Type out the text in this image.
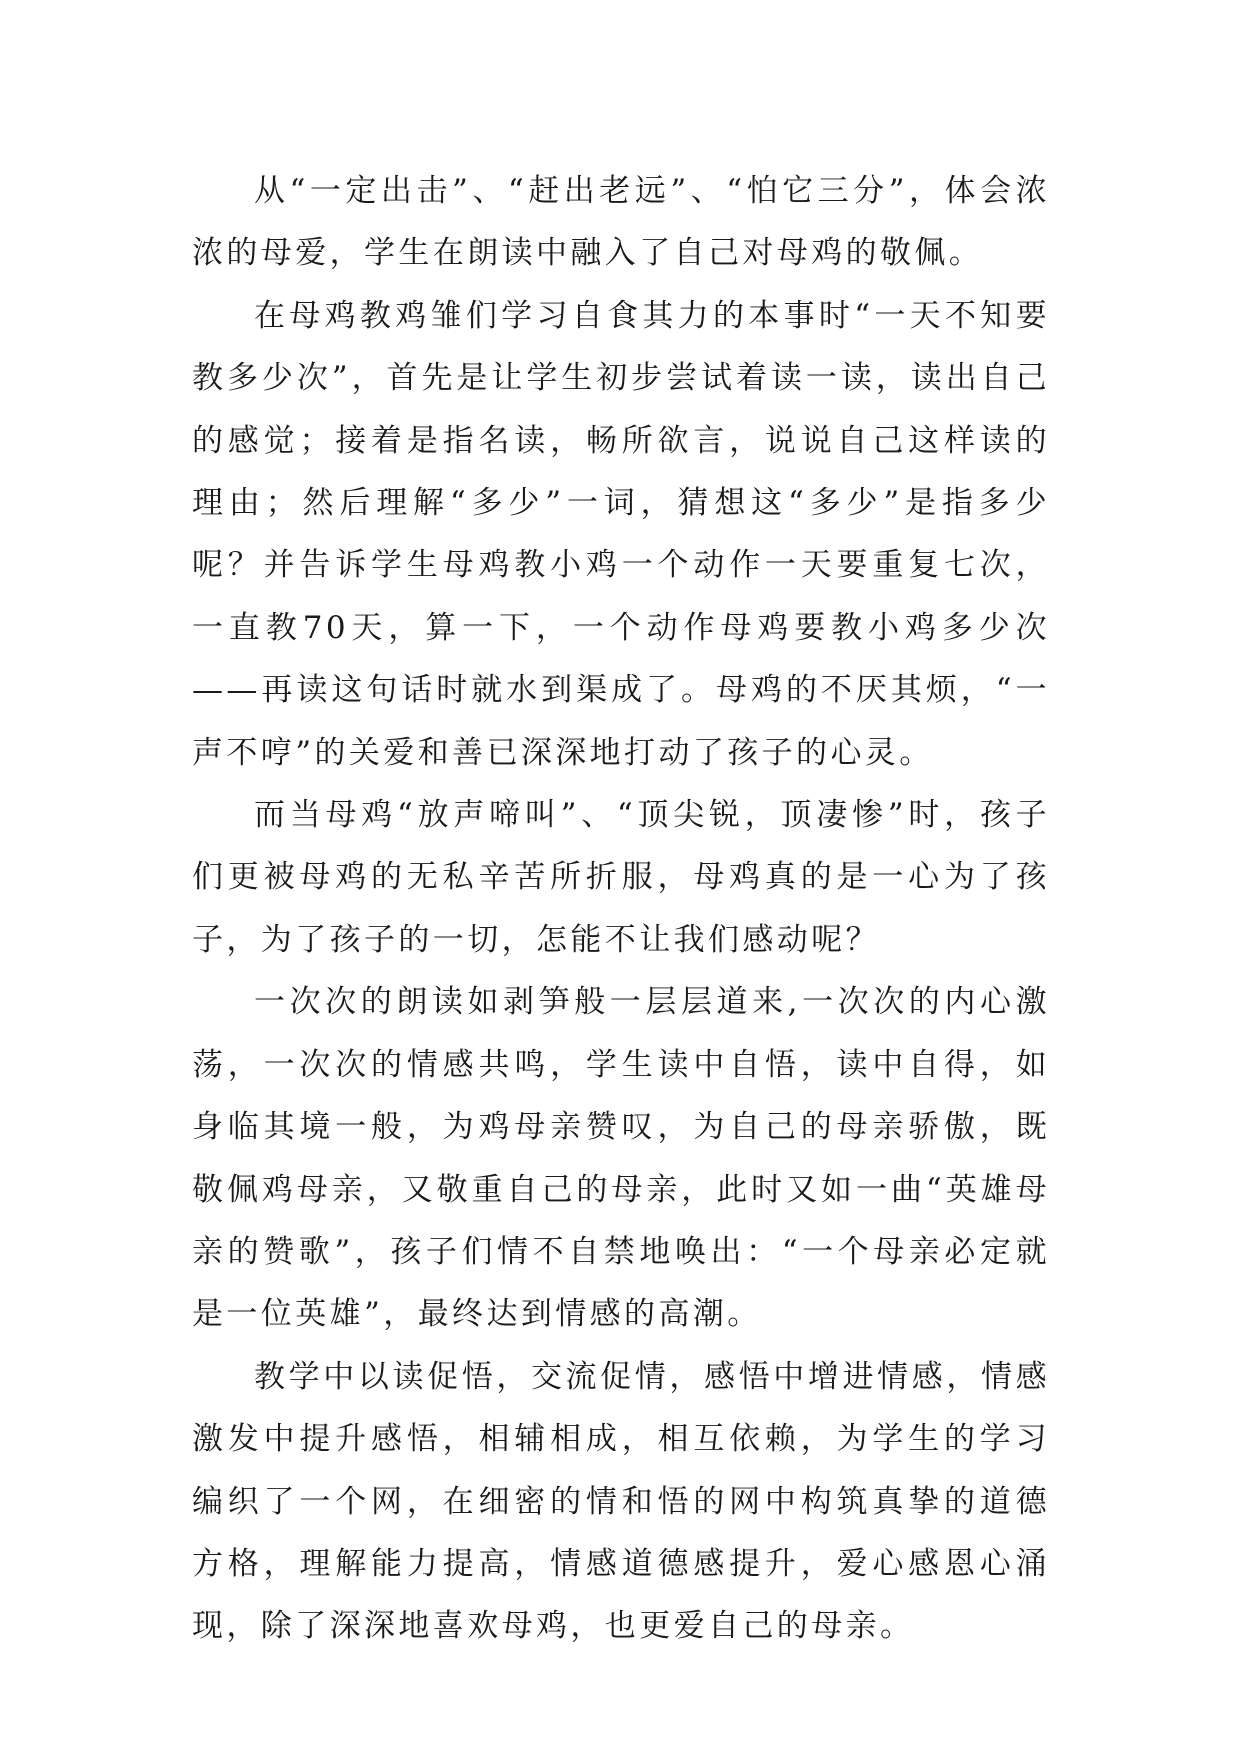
从“一定出击”、“赶出老远”、“怕它三分”，体会浓浓的母爱，学生在朗读中融入了自己对母鸡的敬佩。

在母鸡教鸡雏们学习自食其力的本事时“一天不知要教多少次”，首先是让学生初步尝试着读一读，读出自己的感觉；接着是指名读，畅所欲言，说说自己这样读的理由；然后理解“多少”一词，猜想这“多少”是指多少呢？并告诉学生母鸡教小鸡一个动作一天要重复七次，一直教70天，算一下，一个动作母鸡要教小鸡多少次——再读这句话时就水到渠成了。母鸡的不厌其烦，“一声不哼”的关爱和善已深深地打动了孩子的心灵。

而当母鸡“放声啼叫”、“顶尖锐，顶凄惨”时，孩子们更被母鸡的无私辛苦所折服，母鸡真的是一心为了孩子，为了孩子的一切，怎能不让我们感动呢？

一次次的朗读如剥笋般一层层道来,一次次的内心激荡，一次次的情感共鸣，学生读中自悟，读中自得，如身临其境一般，为鸡母亲赞叹，为自己的母亲骄傲，既敬佩鸡母亲，又敬重自己的母亲，此时又如一曲“英雄母亲的赞歌”，孩子们情不自禁地唤出：“一个母亲必定就是一位英雄”，最终达到情感的高潮。

教学中以读促悟，交流促情，感悟中增进情感，情感激发中提升感悟，相辅相成，相互依赖，为学生的学习编织了一个网，在细密的情和悟的网中构筑真挚的道德方格，理解能力提高，情感道德感提升，爱心感恩心涌现，除了深深地喜欢母鸡，也更爱自己的母亲。
